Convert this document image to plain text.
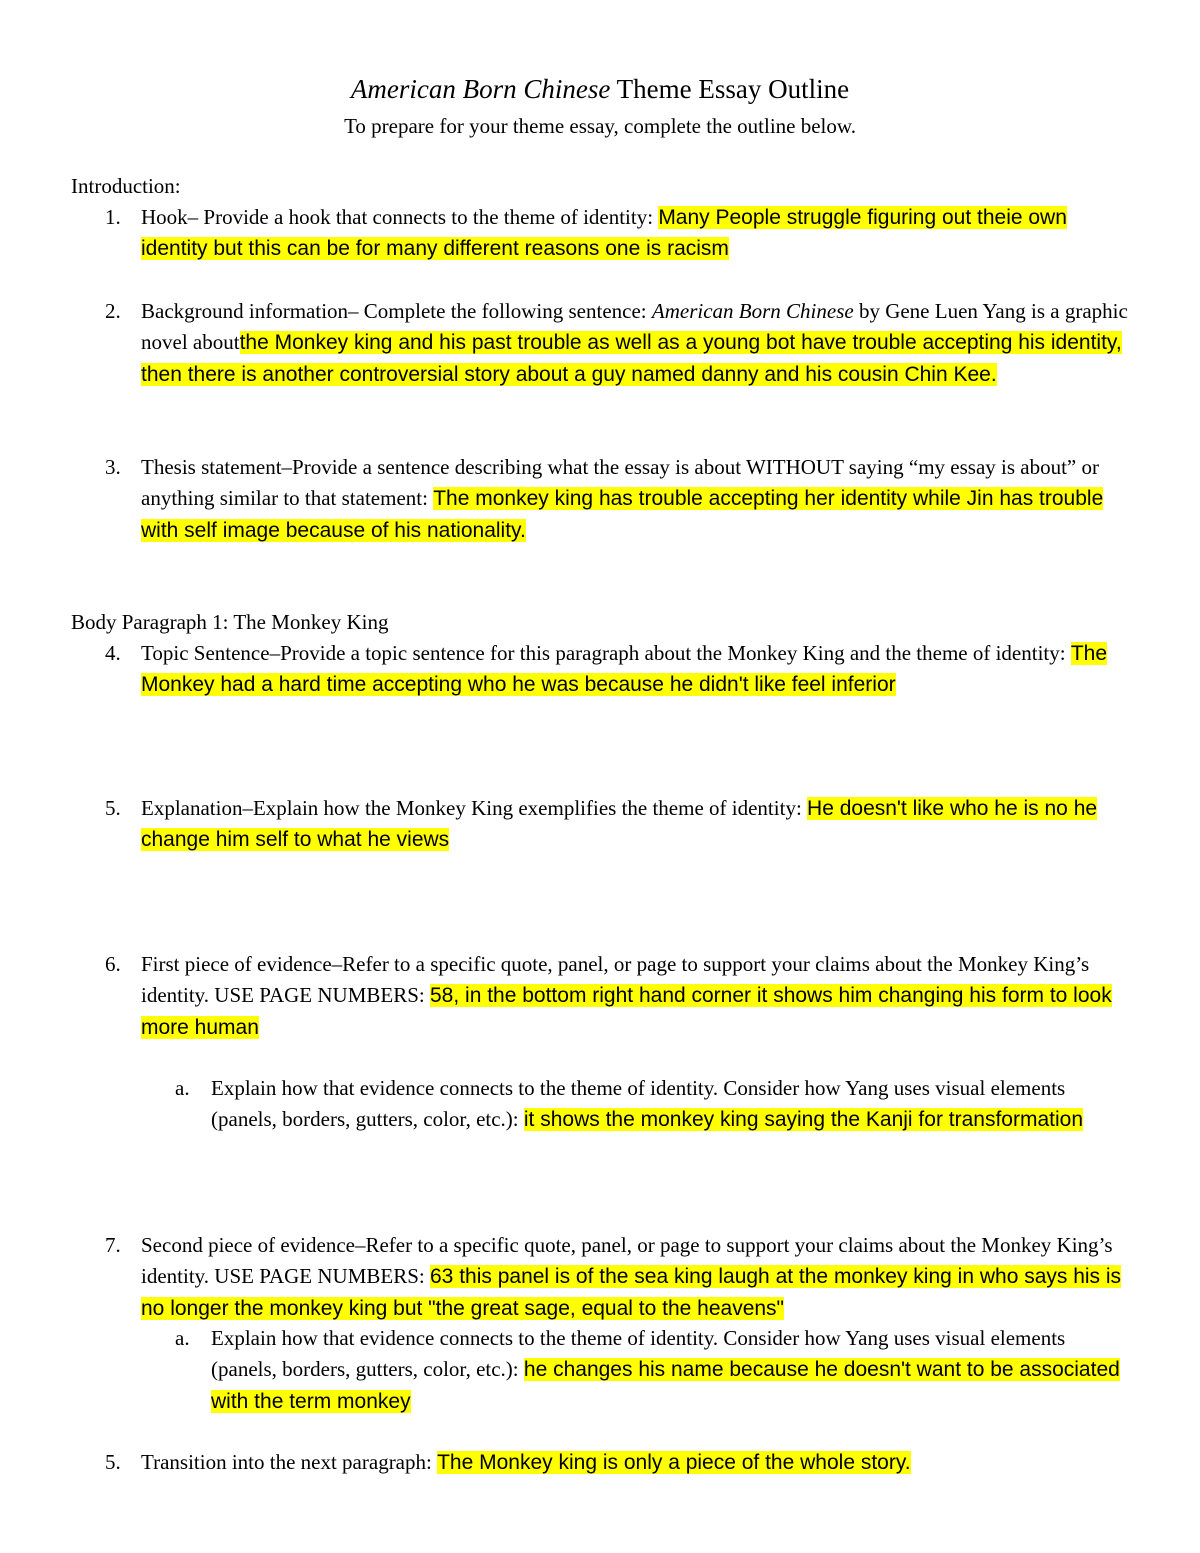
American Born Chinese Theme Essay Outline
To prepare for your theme essay, complete the outline below.
Introduction:
1. Hook– Provide a hook that connects to the theme of identity: Many People struggle figuring out theie own identity but this can be for many different reasons one is racism
2. Background information– Complete the following sentence: American Born Chinese by Gene Luen Yang is a graphic novel aboutthe Monkey king and his past trouble as well as a young bot have trouble accepting his identity, then there is another controversial story about a guy named danny and his cousin Chin Kee.
3. Thesis statement–Provide a sentence describing what the essay is about WITHOUT saying “my essay is about” or anything similar to that statement: The monkey king has trouble accepting her identity while Jin has trouble with self image because of his nationality.
Body Paragraph 1: The Monkey King
4. Topic Sentence–Provide a topic sentence for this paragraph about the Monkey King and the theme of identity: The Monkey had a hard time accepting who he was because he didn't like feel inferior
5. Explanation–Explain how the Monkey King exemplifies the theme of identity: He doesn't like who he is no he change him self to what he views
6. First piece of evidence–Refer to a specific quote, panel, or page to support your claims about the Monkey King’s identity. USE PAGE NUMBERS: 58, in the bottom right hand corner it shows him changing his form to look more human
a. Explain how that evidence connects to the theme of identity. Consider how Yang uses visual elements (panels, borders, gutters, color, etc.): it shows the monkey king saying the Kanji for transformation
7. Second piece of evidence–Refer to a specific quote, panel, or page to support your claims about the Monkey King’s identity. USE PAGE NUMBERS: 63 this panel is of the sea king laugh at the monkey king in who says his is no longer the monkey king but "the great sage, equal to the heavens"
a. Explain how that evidence connects to the theme of identity. Consider how Yang uses visual elements (panels, borders, gutters, color, etc.): he changes his name because he doesn't want to be associated with the term monkey
5. Transition into the next paragraph: The Monkey king is only a piece of the whole story.
